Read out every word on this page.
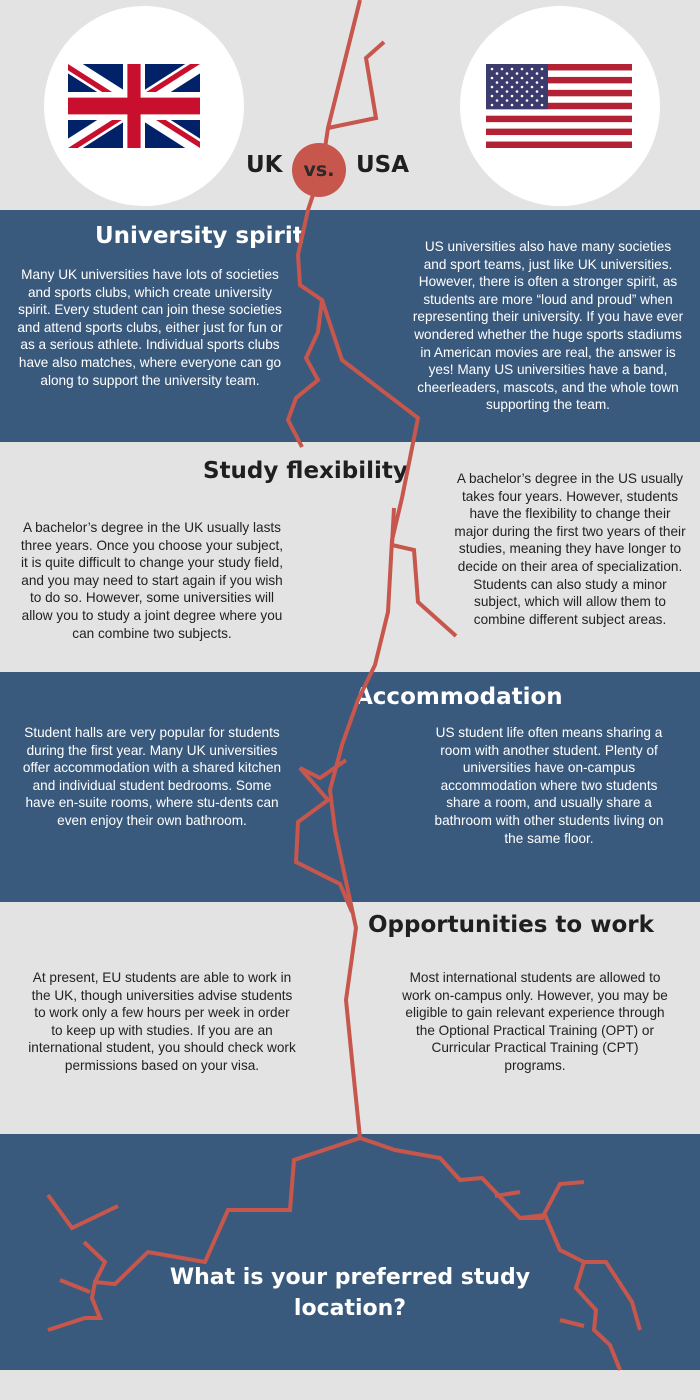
University spirit

Many UK universities have lots of societies and sports clubs, which create university spirit. Every student can join these societies and attend sports clubs, either just for fun or as a serious athlete. Individual sports clubs have also matches, where everyone can go along to support the university team.

US universities also have many societies and sport teams, just like UK universities. However, there is often a stronger spirit, as students are more “loud and proud” when representing their university. If you have ever wondered whether the huge sports stadiums in American movies are real, the answer is yes! Many US universities have a band, cheerleaders, mascots, and the whole town supporting the team.

Study flexibility

A bachelor’s degree in the UK usually lasts three years. Once you choose your subject, it is quite difficult to change your study field, and you may need to start again if you wish to do so. However, some universities will allow you to study a joint degree where you can combine two subjects.

A bachelor’s degree in the US usually takes four years. However, students have the flexibility to change their major during the first two years of their studies, meaning they have longer to decide on their area of specialization. Students can also study a minor subject, which will allow them to combine different subject areas.

Accommodation

Student halls are very popular for students during the first year. Many UK universities offer accommodation with a shared kitchen and individual student bedrooms. Some have en-suite rooms, where stu-dents can even enjoy their own bathroom.

US student life often means sharing a room with another student. Plenty of universities have on-campus accommodation where two students share a room, and usually share a bathroom with other students living on the same floor.

Opportunities to work

At present, EU students are able to work in the UK, though universities advise students to work only a few hours per week in order to keep up with studies. If you are an international student, you should check work permissions based on your visa.

Most international students are allowed to work on-campus only. However, you may be eligible to gain relevant experience through the Optional Practical Training (OPT) or Curricular Practical Training (CPT) programs.

UK	vs. USA
What is your preferred study location?
